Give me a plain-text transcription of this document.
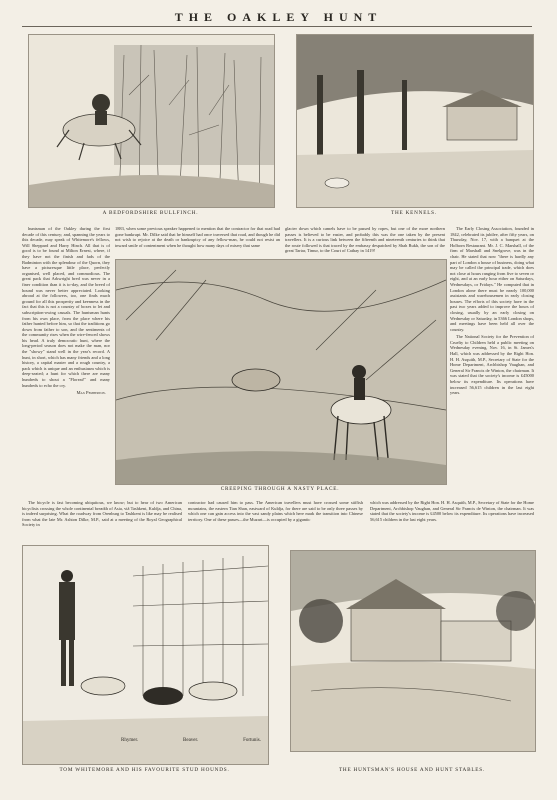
THE OAKLEY HUNT
A BEDFORDSHIRE BULLFINCH.	THE KENNELS.
CREEPING THROUGH A NASTY PLACE.

huntsman of the Oakley during the first decade of this century; and, spanning the years to this decade, may speak of Whitemore's fellows, Will Sheppard and Harry Hinch. All that is of good is to be found at Milton Ernest, where, if they have not the finish and fads of the Badminton with the splendour of the Quorn, they have a picturesque little place, perfectly organised, well placed, and commodious. The great pack that Arkwright bred was never in a finer condition than it is to-day, and the breed of hound was never better appreciated. Looking abroad at the followers, too, one finds much ground for all this prosperity and keenness in the fact that this is not a country of boxes to let and subscription-owing casuals. The huntsman hunts from his own place, from the place where his father hunted before him, so that the traditions go down from father to son, and the sentiments of the community rises when the wire-fenced shows his head. A truly democratic hunt, where the long-period season does not make the man, nor the "showy" stand well in the year's record. A hunt, in short, which has many friends and a long history, a capital master and a rough country, a pack which is unique and an enthusiasm which is deep-seated; a hunt for which there are many hundreds to shout a "Floreat!" and many hundreds to echo the cry.

Max Pemberton.

1883, when some previous speaker happened to mention that the contractor for that road had gone bankrupt. Mr. Dilke said that he himself had once traversed that road, and though he did not wish to rejoice at the death or bankruptcy of any fellow-man, he could not resist an inward smile of contentment when he thought how many days of misery that same

glacier down which camels have to be passed by ropes, but one of the more northern passes is believed to be easier, and probably this was the one taken by the present travellers. It is a curious link between the fifteenth and nineteenth centuries to think that the route followed is that traced by the embassy despatched by Shah Rukh, the son of the great Tartar, Timur, to the Court of Cathay in 1419!

The Early Closing Association, founded in 1842, celebrated its jubilee, after fifty years, on Thursday, Nov. 17, with a banquet at the Holborn Restaurant. Mr. J. C. Marshall, of the firm of Marshall and Snelgrove, was in the chair. He stated that now "there is hardly any part of London a house of business, doing what may be called the principal trade, which does not close at hours ranging from five to seven or eight, and at an early hour either on Saturdays, Wednesdays, or Fridays." He computed that in London alone there must be nearly 100,000 assistants and warehousemen in early closing houses. The efforts of this society have in the past two years added to improve the hours of closing, usually by an early closing on Wednesday or Saturday, in 5366 London shops, and meetings have been held all over the country.

The National Society for the Prevention of Cruelty to Children held a public meeting on Wednesday evening, Nov. 16, in St. James's Hall, which was addressed by the Right Hon. H. H. Asquith, M.P., Secretary of State for the Home Department, Archbishop Vaughan, and General Sir Francis de Winton, the chairman. It was stated that the society's income is £45000 below its expenditure. Its operations have increased 56,615 children in the last eight years.

The bicycle is fast becoming ubiquitous, we know; but to hear of two American bicyclists crossing the whole continental breadth of Asia, viâ Tashkent, Kuldja, and China, is indeed surprising. What the roadway from Orenburg to Tashkent is like may be realised from what the late Mr. Ashton Dilke, M.P., said at a meeting of the Royal Geographical Society in

contractor had caused him to pass. The American travellers must have crossed some stiffish mountains, the eastern Tian Shan, eastward of Kuldja, for there are said to be only three passes by which one can gain access into the vast sandy plains which here mark the transition into Chinese territory. One of these passes—the Muzart—is occupied by a gigantic

which was addressed by the Right Hon. H. H. Asquith, M.P., Secretary of State for the Home Department, Archbishop Vaughan, and General Sir Francis de Winton, the chairman. It was stated that the society's income is £4500 below its expenditure. Its operations have increased 56,615 children in the last eight years.

Rhymer.	Beaver.	Fortunis.
TOM WHITEMORE AND HIS FAVOURITE STUD HOUNDS.	THE HUNTSMAN'S HOUSE AND HUNT STABLES.
